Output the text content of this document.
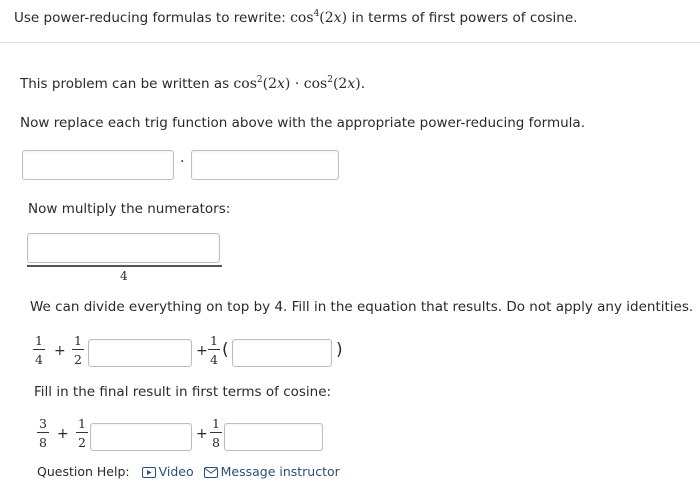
Use power-reducing formulas to rewrite: $\cos^4(2x)$ in terms of first powers of cosine.
This problem can be written as $\cos^2(2x) \cdot \cos^2(2x)$.
Now replace each trig function above with the appropriate power-reducing formula.
·
Now multiply the numerators:
4
We can divide everything on top by 4. Fill in the equation that results. Do not apply any identities.
1
4
+
1
2
+
1
4 (	)
Fill in the final result in first terms of cosine:
3
8
+
1
2
+
1
8
Question Help: Video Message instructor
